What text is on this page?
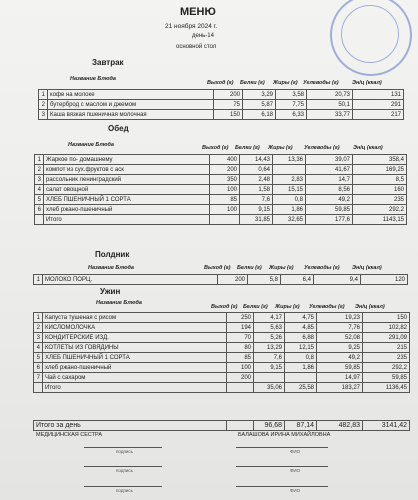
МЕНЮ
21 ноября 2024 г.
день-14
основной стол
Завтрак
Название Блюда
Выход (г) Белки (г) Жиры (г) Углеводы (г) Эн/ц (ккал)
1	кофе на молоке	200	3,29	3,58	20,73	131
2	бутерброд с маслом и джемом	75	5,87	7,75	50,1	291
3	Каша вязкая пшеничная молочная	150	6,18	6,33	33,77	217
Обед
Название Блюда	Выход (г) Белки (г) Жиры (г) Углеводы (г) Эн/ц (ккал)
1	Жаркое по- домашнему	400	14,43	13,36	39,07	358,4
2	компот из сух.фруктов с аск	200	0,64		41,67	169,25
3	рассольник ленинградский	350	2,48	2,83	14,7	8,5
4	салат овощной	100	1,58	15,15	8,56	160
5	ХЛЕБ ПШЕНИЧНЫЙ 1 СОРТА	85	7,6	0,8	49,2	235
6	хлеб ржано-пшеничный	100	9,15	1,86	59,85	292,2
	Итого		31,85	32,65	177,6	1143,15
Полдник
Название Блюда	Выход (г) Белки (г) Жиры (г) Углеводы (г) Эн/ц (ккал)
1	МОЛОКО ПОРЦ.	200	5,8	6,4	9,4	120
Ужин
Название Блюда
Выход (г) Белки (г) Жиры (г) Углеводы (г) Эн/ц (ккал)
1	Капуста тушеная с рисом	250	4,17	4,75	19,23	150
2	КИСЛОМОЛОЧКА	194	5,63	4,85	7,76	102,82
3	КОНДИТЕРСКИЕ ИЗД.	70	5,26	6,88	52,08	291,09
4	КОТЛЕТЫ ИЗ ГОВЯДИНЫ	80	13,29	12,15	9,25	215
5	ХЛЕБ ПШЕНИЧНЫЙ 1 СОРТА	85	7,6	0,8	49,2	235
6	хлеб ржано-пшеничный	100	9,15	1,86	59,85	292,2
7	Чай с сахаром	200			14,97	59,85
	Итого		35,06	25,58	183,27	1136,45
Итого за день		96,68	87,14	482,83	3141,42
МЕДИЦИНСКАЯ СЕСТРА	БАЛАШОВА ИРИНА МИХАЙЛОВНА
подпись	ФИО
подпись	ФИО
подпись	ФИО
